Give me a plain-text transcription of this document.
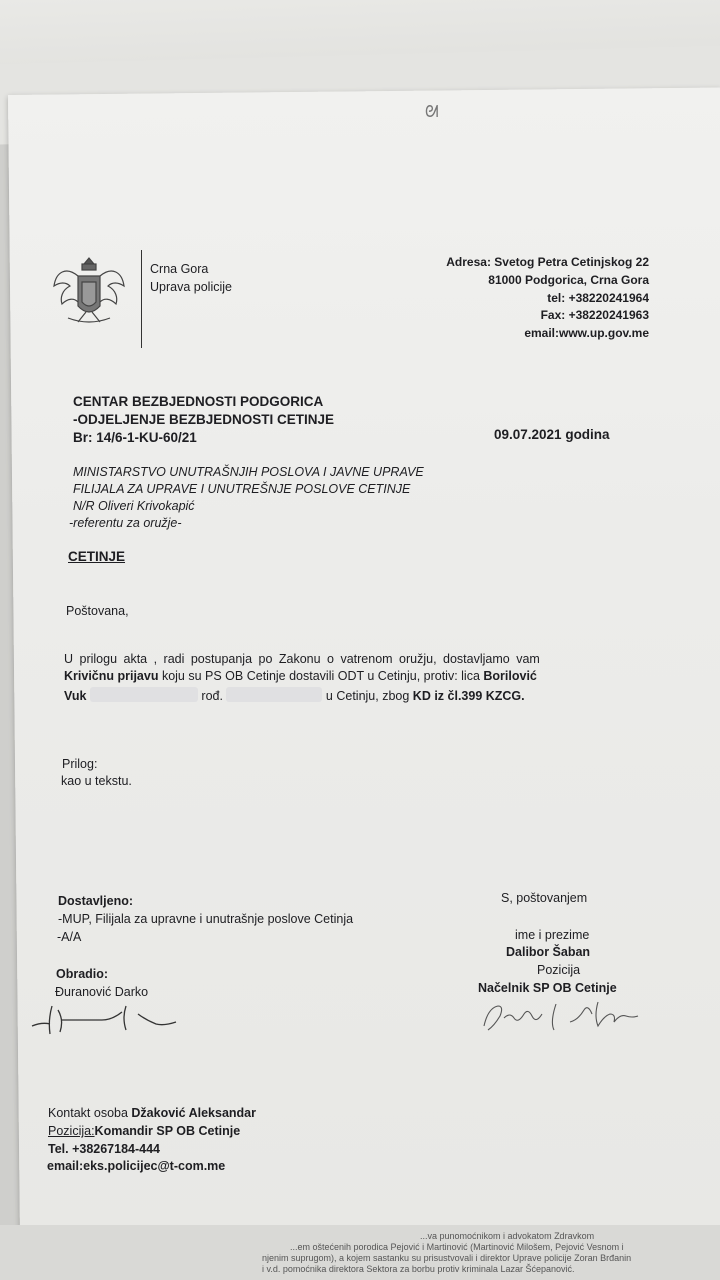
ᘛ
Crna Gora
Uprava policije
Adresa: Svetog Petra Cetinjskog 22
81000 Podgorica, Crna Gora
tel: +38220241964
Fax: +38220241963
email:www.up.gov.me
CENTAR BEZBJEDNOSTI PODGORICA
-ODJELJENJE BEZBJEDNOSTI CETINJE
Br: 14/6-1-KU-60/21	09.07.2021 godina
MINISTARSTVO UNUTRAŠNJIH POSLOVA I JAVNE UPRAVE
FILIJALA ZA UPRAVE I UNUTREŠNJE POSLOVE CETINJE
N/R Oliveri Krivokapić
-referentu za oružje-
CETINJE
Poštovana,
U prilogu akta , radi postupanja po Zakonu o vatrenom oružju, dostavljamo vam
Krivičnu prijavu koju su PS OB Cetinje dostavili ODT u Cetinju, protiv: lica Borilović
Vuk	rođ.	u Cetinju, zbog KD iz čl.399 KZCG.
Prilog:
kao u tekstu.
Dostavljeno:
-MUP, Filijala za upravne i unutrašnje poslove Cetinja
-A/A
Obradio:
Đuranović Darko
S, poštovanjem
ime i prezime
Dalibor Šaban
Pozicija
Načelnik SP OB Cetinje
Kontakt osoba Džaković Aleksandar
Pozicija:Komandir SP OB Cetinje
Tel. +38267184-444
email:eks.policijec@t-com.me
...va punomoćnikom i advokatom Zdravkom
...em oštećenih porodica Pejović i Martinović (Martinović Milošem, Pejović Vesnom i
njenim suprugom), a kojem sastanku su prisustvovali i direktor Uprave policije Zoran Brđanin
i v.d. pomoćnika direktora Sektora za borbu protiv kriminala Lazar Šćepanović.
